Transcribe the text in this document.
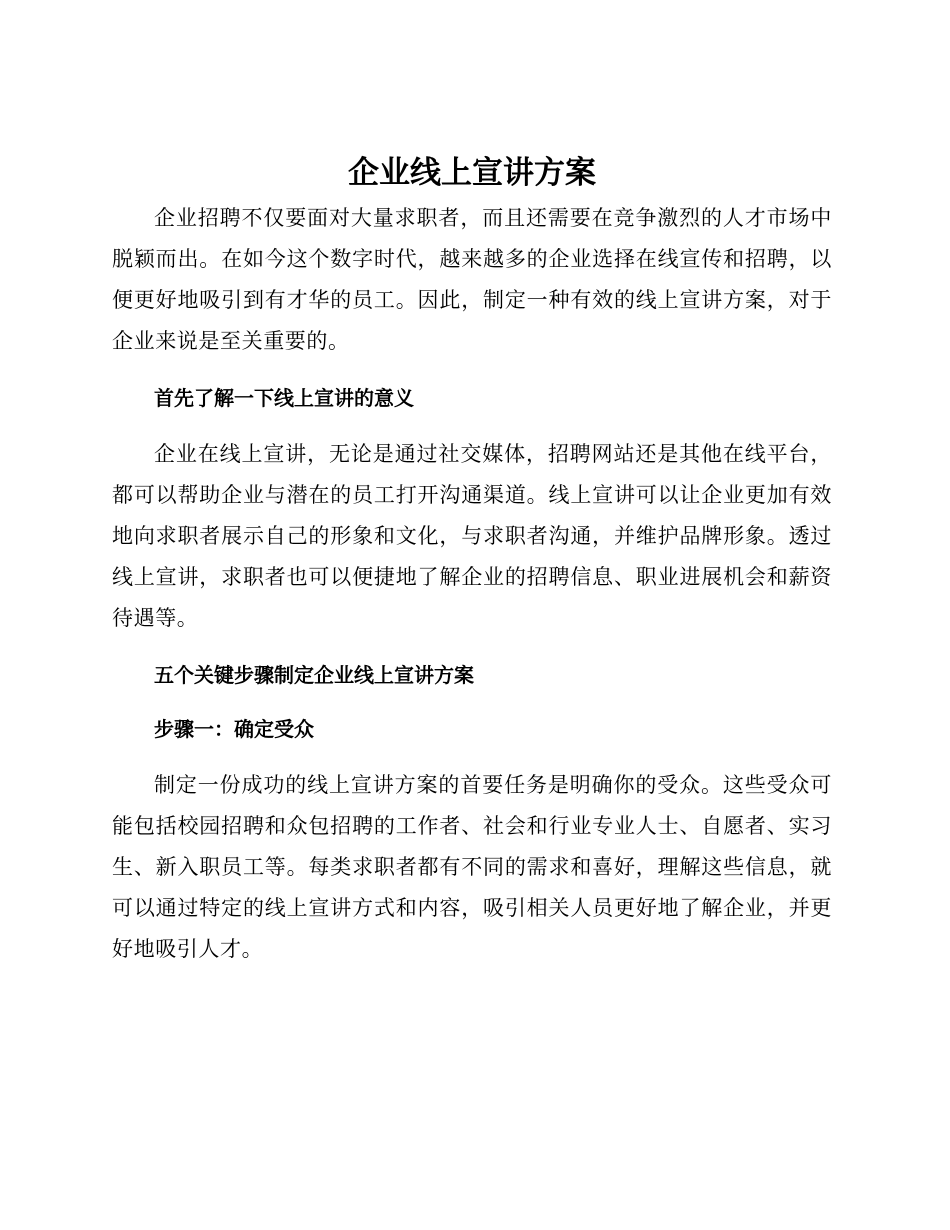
企业线上宣讲方案

企业招聘不仅要面对大量求职者，而且还需要在竞争激烈的人才市场中脱颖而出。在如今这个数字时代，越来越多的企业选择在线宣传和招聘，以便更好地吸引到有才华的员工。因此，制定一种有效的线上宣讲方案，对于企业来说是至关重要的。

首先了解一下线上宣讲的意义

企业在线上宣讲，无论是通过社交媒体，招聘网站还是其他在线平台，都可以帮助企业与潜在的员工打开沟通渠道。线上宣讲可以让企业更加有效地向求职者展示自己的形象和文化，与求职者沟通，并维护品牌形象。透过线上宣讲，求职者也可以便捷地了解企业的招聘信息、职业进展机会和薪资待遇等。

五个关键步骤制定企业线上宣讲方案
步骤一：确定受众

制定一份成功的线上宣讲方案的首要任务是明确你的受众。这些受众可能包括校园招聘和众包招聘的工作者、社会和行业专业人士、自愿者、实习生、新入职员工等。每类求职者都有不同的需求和喜好，理解这些信息，就可以通过特定的线上宣讲方式和内容，吸引相关人员更好地了解企业，并更好地吸引人才。
